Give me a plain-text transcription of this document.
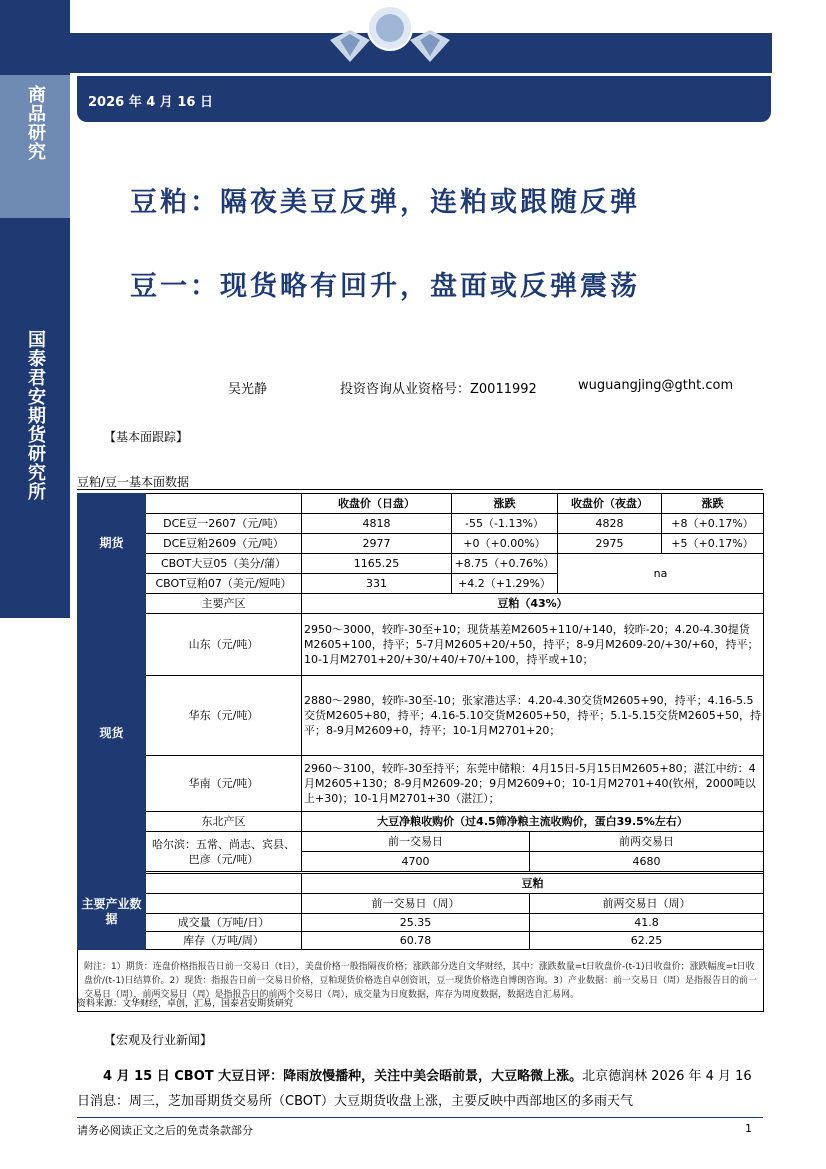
商品研究
国泰君安期货研究所
2026 年 4 月 16 日
豆粕：隔夜美豆反弹，连粕或跟随反弹
豆一：现货略有回升，盘面或反弹震荡
吴光静	投资咨询从业资格号：Z0011992	wuguangjing@gtht.com
【基本面跟踪】
豆粕/豆一基本面数据
期货		收盘价（日盘）	涨跌		收盘价（夜盘）	涨跌
	DCE豆一2607（元/吨）	4818	-55（-1.13%）		4828	+8（+0.17%）
	DCE豆粕2609（元/吨）	2977	+0（+0.00%）		2975	+5（+0.17%）
	CBOT大豆05（美分/蒲）	1165.25	+8.75（+0.76%）		na	
	CBOT豆粕07（美元/短吨）	331	+4.2（+1.29%）			
现货	主要产区	豆粕（43%）				
	山东（元/吨）	2950～3000，较昨-30至+10；现货基差M2605+110/+140，较昨-20；4.20-4.30提货M2605+100，持平；5-7月M2605+20/+50，持平；8-9月M2609-20/+30/+60，持平；10-1月M2701+20/+30/+40/+70/+100，持平或+10；				
	华东（元/吨）	2880～2980，较昨-30至-10；张家港达孚：4.20-4.30交货M2605+90，持平；4.16-5.5交货M2605+80，持平；4.16-5.10交货M2605+50，持平；5.1-5.15交货M2605+50，持平；8-9月M2609+0，持平；10-1月M2701+20；				
	华南（元/吨）	2960～3100，较昨-30至持平；东莞中储粮：4月15日-5月15日M2605+80；湛江中纺：4月M2605+130；8-9月M2609-20；9月M2609+0；10-1月M2701+40(钦州，2000吨以上+30)；10-1月M2701+30（湛江）；				
	东北产区	大豆净粮收购价（过4.5筛净粮主流收购价，蛋白39.5%左右）				
	哈尔滨：五常、尚志、宾县、巴彦（元/吨）	前一交易日		前两交易日		
		4700		4680		

主要产业数据		豆粕				
		前一交易日（周）		前两交易日（周）		
	成交量（万吨/日）	25.35		41.8		
	库存（万吨/周）	60.78		62.25		
附注：1）期货：连盘价格指报告日前一交易日（t日），美盘价格一般指隔夜价格；涨跌部分选自文华财经，其中：涨跌数量=t日收盘价-(t-1)日收盘价；涨跌幅度=t日收盘价/(t-1)日结算价。2）现货：指报告日前一交易日价格，豆粕现货价格选自卓创资讯，豆一现货价格选自博朗咨询。3）产业数据：前一交易日（周）是指报告日的前一交易日（周），前两交易日（周）是指报告日的前两个交易日（周），成交量为日度数据，库存为周度数据，数据选自汇易网。						
资料来源：文华财经，卓创，汇易，国泰君安期货研究
【宏观及行业新闻】
4 月 15 日 CBOT 大豆日评：降雨放慢播种，关注中美会晤前景，大豆略微上涨。北京德润林 2026 年 4 月 16 日消息：周三，芝加哥期货交易所（CBOT）大豆期货收盘上涨，主要反映中西部地区的多雨天气
请务必阅读正文之后的免责条款部分	1
